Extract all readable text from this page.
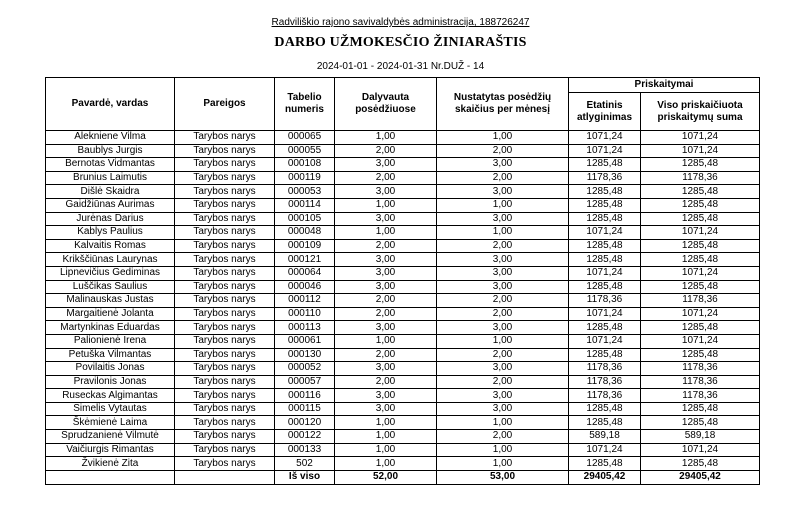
Radviliškio rajono savivaldybės administracija, 188726247
DARBO UŽMOKESČIO ŽINIARAŠTIS
2024-01-01 - 2024-01-31 Nr.DUŽ - 14
Pavardė, vardas	Pareigos	Tabelio numeris	Dalyvauta posėdžiuose	Nustatytas posėdžių skaičius per mėnesį	Priskaitymai	
					Etatinis atlyginimas	Viso priskaičiuota priskaitymų suma
Alekniene Vilma	Tarybos narys	000065	1,00	1,00	1071,24	1071,24
Baublys Jurgis	Tarybos narys	000055	2,00	2,00	1071,24	1071,24
Bernotas Vidmantas	Tarybos narys	000108	3,00	3,00	1285,48	1285,48
Brunius Laimutis	Tarybos narys	000119	2,00	2,00	1178,36	1178,36
Dišlė Skaidra	Tarybos narys	000053	3,00	3,00	1285,48	1285,48
Gaidžiūnas Aurimas	Tarybos narys	000114	1,00	1,00	1285,48	1285,48
Jurėnas Darius	Tarybos narys	000105	3,00	3,00	1285,48	1285,48
Kablys Paulius	Tarybos narys	000048	1,00	1,00	1071,24	1071,24
Kalvaitis Romas	Tarybos narys	000109	2,00	2,00	1285,48	1285,48
Krikščiūnas Laurynas	Tarybos narys	000121	3,00	3,00	1285,48	1285,48
Lipnevičius Gediminas	Tarybos narys	000064	3,00	3,00	1071,24	1071,24
Luščikas Saulius	Tarybos narys	000046	3,00	3,00	1285,48	1285,48
Malinauskas Justas	Tarybos narys	000112	2,00	2,00	1178,36	1178,36
Margaitienė Jolanta	Tarybos narys	000110	2,00	2,00	1071,24	1071,24
Martynkinas Eduardas	Tarybos narys	000113	3,00	3,00	1285,48	1285,48
Palionienė Irena	Tarybos narys	000061	1,00	1,00	1071,24	1071,24
Petuška Vilmantas	Tarybos narys	000130	2,00	2,00	1285,48	1285,48
Povilaitis Jonas	Tarybos narys	000052	3,00	3,00	1178,36	1178,36
Pravilonis Jonas	Tarybos narys	000057	2,00	2,00	1178,36	1178,36
Ruseckas Algimantas	Tarybos narys	000116	3,00	3,00	1178,36	1178,36
Simelis Vytautas	Tarybos narys	000115	3,00	3,00	1285,48	1285,48
Škėmienė Laima	Tarybos narys	000120	1,00	1,00	1285,48	1285,48
Sprudzanienė Vilmutė	Tarybos narys	000122	1,00	2,00	589,18	589,18
Vaičiurgis Rimantas	Tarybos narys	000133	1,00	1,00	1071,24	1071,24
Žvikienė Zita	Tarybos narys	502	1,00	1,00	1285,48	1285,48
		Iš viso	52,00	53,00	29405,42	29405,42
